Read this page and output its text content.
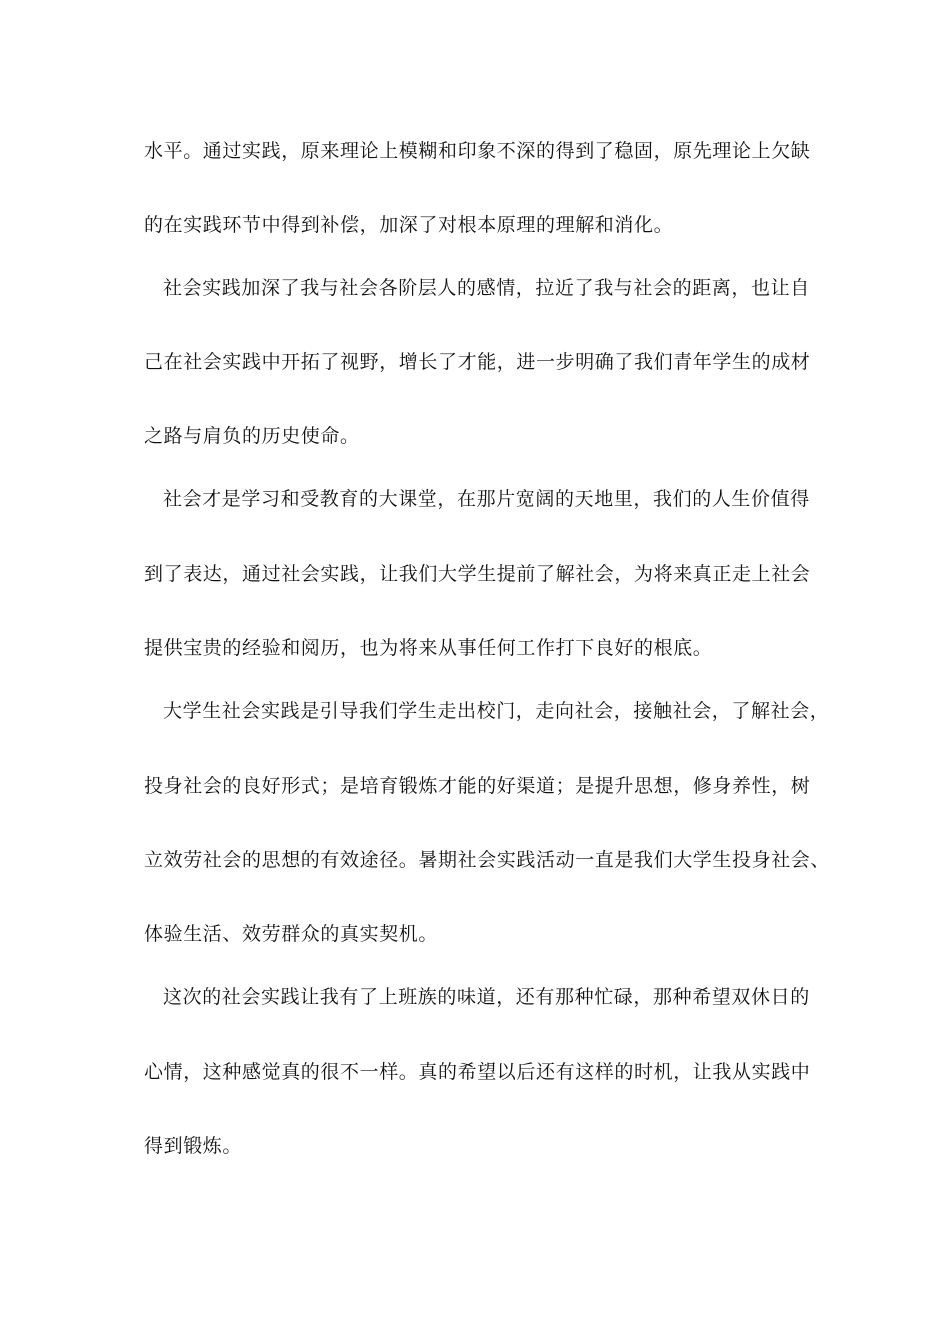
水平。通过实践，原来理论上模糊和印象不深的得到了稳固，原先理论上欠缺
的在实践环节中得到补偿，加深了对根本原理的理解和消化。
社会实践加深了我与社会各阶层人的感情，拉近了我与社会的距离，也让自
己在社会实践中开拓了视野，增长了才能，进一步明确了我们青年学生的成材
之路与肩负的历史使命。
社会才是学习和受教育的大课堂，在那片宽阔的天地里，我们的人生价值得
到了表达，通过社会实践，让我们大学生提前了解社会，为将来真正走上社会
提供宝贵的经验和阅历，也为将来从事任何工作打下良好的根底。
大学生社会实践是引导我们学生走出校门，走向社会，接触社会，了解社会，
投身社会的良好形式；是培育锻炼才能的好渠道；是提升思想，修身养性，树
立效劳社会的思想的有效途径。暑期社会实践活动一直是我们大学生投身社会、
体验生活、效劳群众的真实契机。
这次的社会实践让我有了上班族的味道，还有那种忙碌，那种希望双休日的
心情，这种感觉真的很不一样。真的希望以后还有这样的时机，让我从实践中
得到锻炼。
